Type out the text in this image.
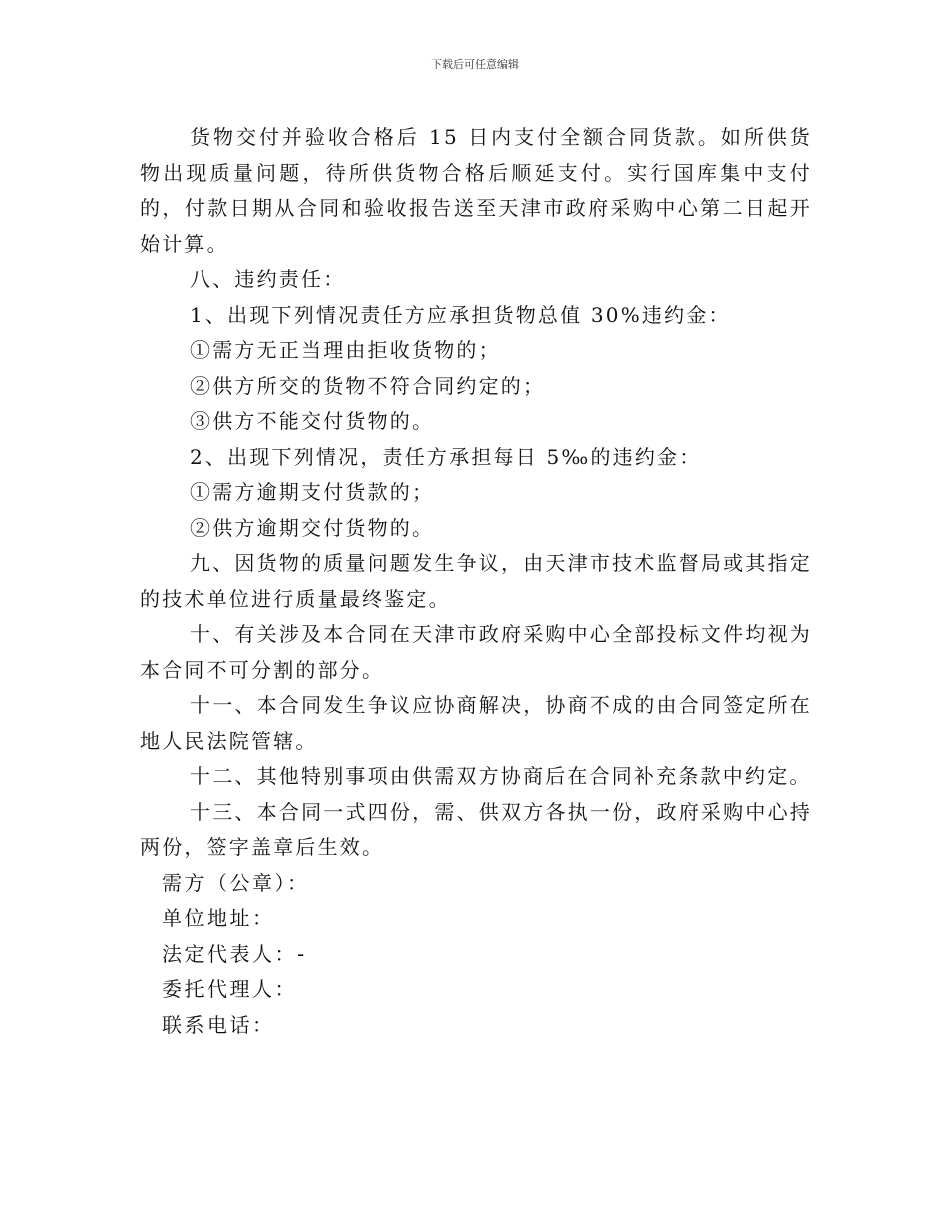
下载后可任意编辑

货物交付并验收合格后 15 日内支付全额合同货款。如所供货物出现质量问题，待所供货物合格后顺延支付。实行国库集中支付的，付款日期从合同和验收报告送至天津市政府采购中心第二日起开始计算。

八、违约责任：

1、出现下列情况责任方应承担货物总值 30%违约金：

①需方无正当理由拒收货物的；

②供方所交的货物不符合同约定的；

③供方不能交付货物的。

2、出现下列情况，责任方承担每日 5‰的违约金：

①需方逾期支付货款的；

②供方逾期交付货物的。

九、因货物的质量问题发生争议，由天津市技术监督局或其指定的技术单位进行质量最终鉴定。

十、有关涉及本合同在天津市政府采购中心全部投标文件均视为本合同不可分割的部分。

十一、本合同发生争议应协商解决，协商不成的由合同签定所在地人民法院管辖。

十二、其他特别事项由供需双方协商后在合同补充条款中约定。

十三、本合同一式四份，需、供双方各执一份，政府采购中心持两份，签字盖章后生效。

需方（公章）：

单位地址：

法定代表人：-

委托代理人：

联系电话：
